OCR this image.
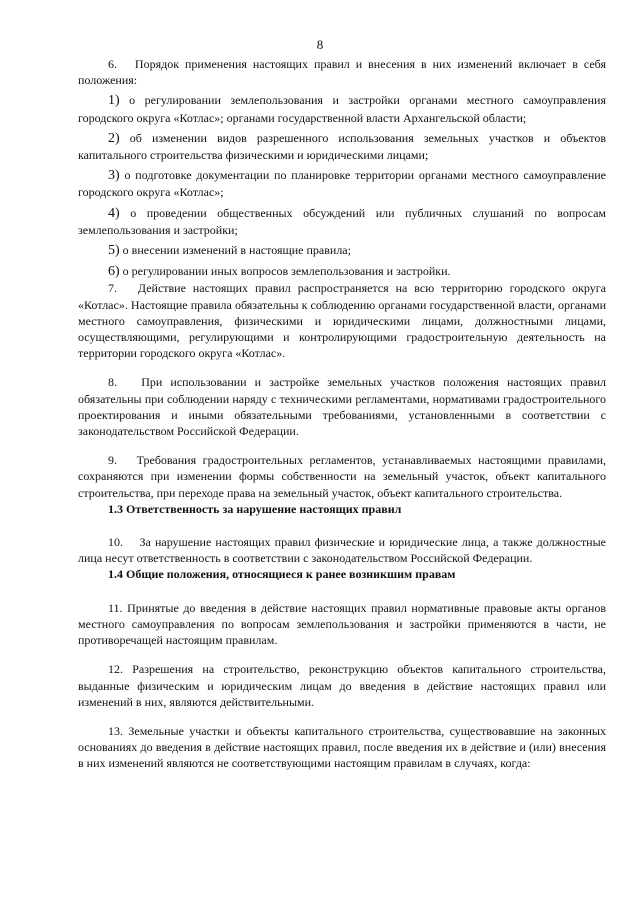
8

6.   Порядок применения настоящих правил и внесения в них изменений включает в себя положения:

1) о регулировании землепользования и застройки органами местного самоуправления городского округа «Котлас»; органами государственной власти Архангельской области;

2) об изменении видов разрешенного использования земельных участков и объектов капитального строительства физическими и юридическими лицами;

3) о подготовке документации по планировке территории органами местного самоуправление городского округа «Котлас»;

4) о проведении общественных обсуждений или публичных слушаний по вопросам землепользования и застройки;

5) о внесении изменений в настоящие правила;

6) о регулировании иных вопросов землепользования и застройки.

7.   Действие настоящих правил распространяется на всю территорию городского округа «Котлас». Настоящие правила обязательны к соблюдению органами государственной власти, органами местного самоуправления, физическими и юридическими лицами, должностными лицами, осуществляющими, регулирующими и контролирующими градостроительную деятельность на территории городского округа «Котлас».

8.   При использовании и застройке земельных участков положения настоящих правил обязательны при соблюдении наряду с техническими регламентами, нормативами градостроительного проектирования и иными обязательными требованиями, установленными в соответствии с законодательством Российской Федерации.

9.   Требования градостроительных регламентов, устанавливаемых настоящими правилами, сохраняются при изменении формы собственности на земельный участок, объект капитального строительства, при переходе права на земельный участок, объект капитального строительства.

1.3 Ответственность за нарушение настоящих правил

10.    За нарушение настоящих правил физические и юридические лица, а также должностные лица несут ответственность в соответствии с законодательством Российской Федерации.

1.4 Общие положения, относящиеся к ранее возникшим правам

11. Принятые до введения в действие настоящих правил нормативные правовые акты органов местного самоуправления по вопросам землепользования и застройки применяются в части, не противоречащей настоящим правилам.

12. Разрешения на строительство, реконструкцию объектов капитального строительства, выданные физическим и юридическим лицам до введения в действие настоящих правил или изменений в них, являются действительными.

13. Земельные участки и объекты капитального строительства, существовавшие на законных основаниях до введения в действие настоящих правил, после введения их в действие и (или) внесения в них изменений являются не соответствующими настоящим правилам в случаях, когда:
